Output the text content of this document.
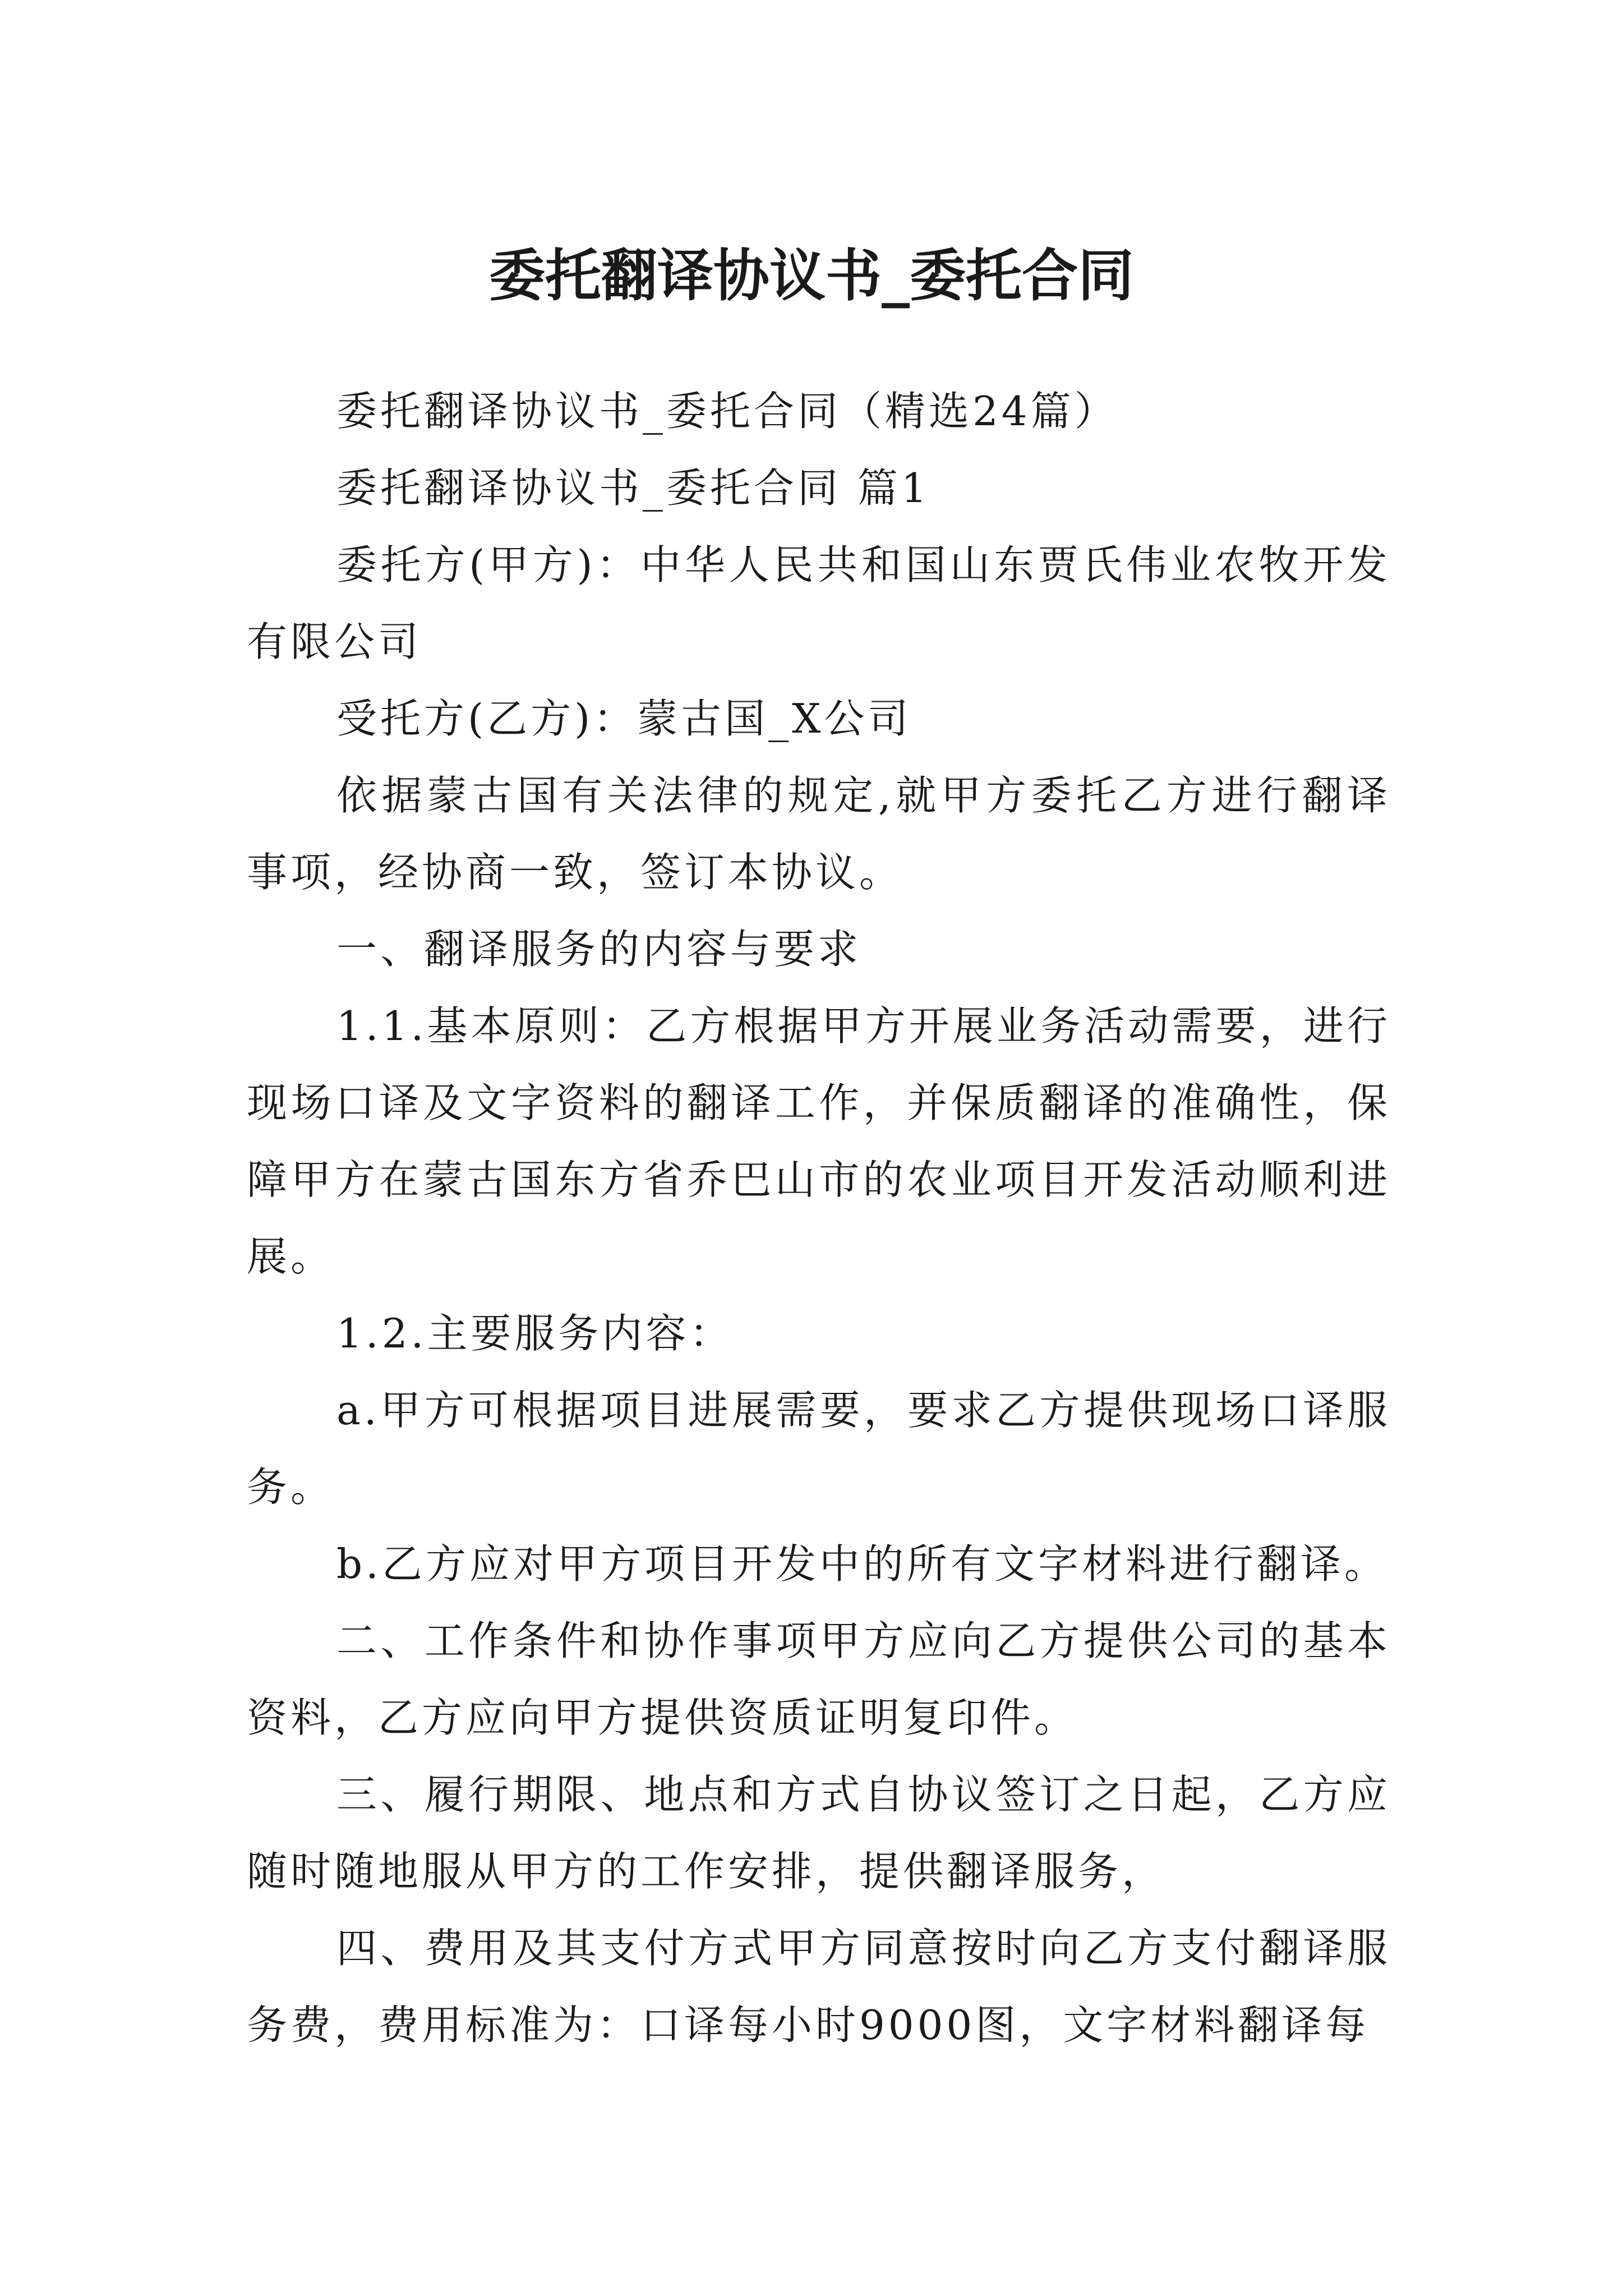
委托翻译协议书_委托合同

委托翻译协议书_委托合同（精选24篇）

委托翻译协议书_委托合同 篇1

委托方(甲方)：中华人民共和国山东贾氏伟业农牧开发有限公司

受托方(乙方)：蒙古国_X公司

依据蒙古国有关法律的规定,就甲方委托乙方进行翻译事项，经协商一致，签订本协议。

一、翻译服务的内容与要求

1.1.基本原则：乙方根据甲方开展业务活动需要，进行现场口译及文字资料的翻译工作，并保质翻译的准确性，保障甲方在蒙古国东方省乔巴山市的农业项目开发活动顺利进展。

1.2.主要服务内容：

a.甲方可根据项目进展需要，要求乙方提供现场口译服务。

b.乙方应对甲方项目开发中的所有文字材料进行翻译。

二、工作条件和协作事项甲方应向乙方提供公司的基本资料，乙方应向甲方提供资质证明复印件。

三、履行期限、地点和方式自协议签订之日起，乙方应随时随地服从甲方的工作安排，提供翻译服务，

四、费用及其支付方式甲方同意按时向乙方支付翻译服务费，费用标准为：口译每小时9000图，文字材料翻译每
